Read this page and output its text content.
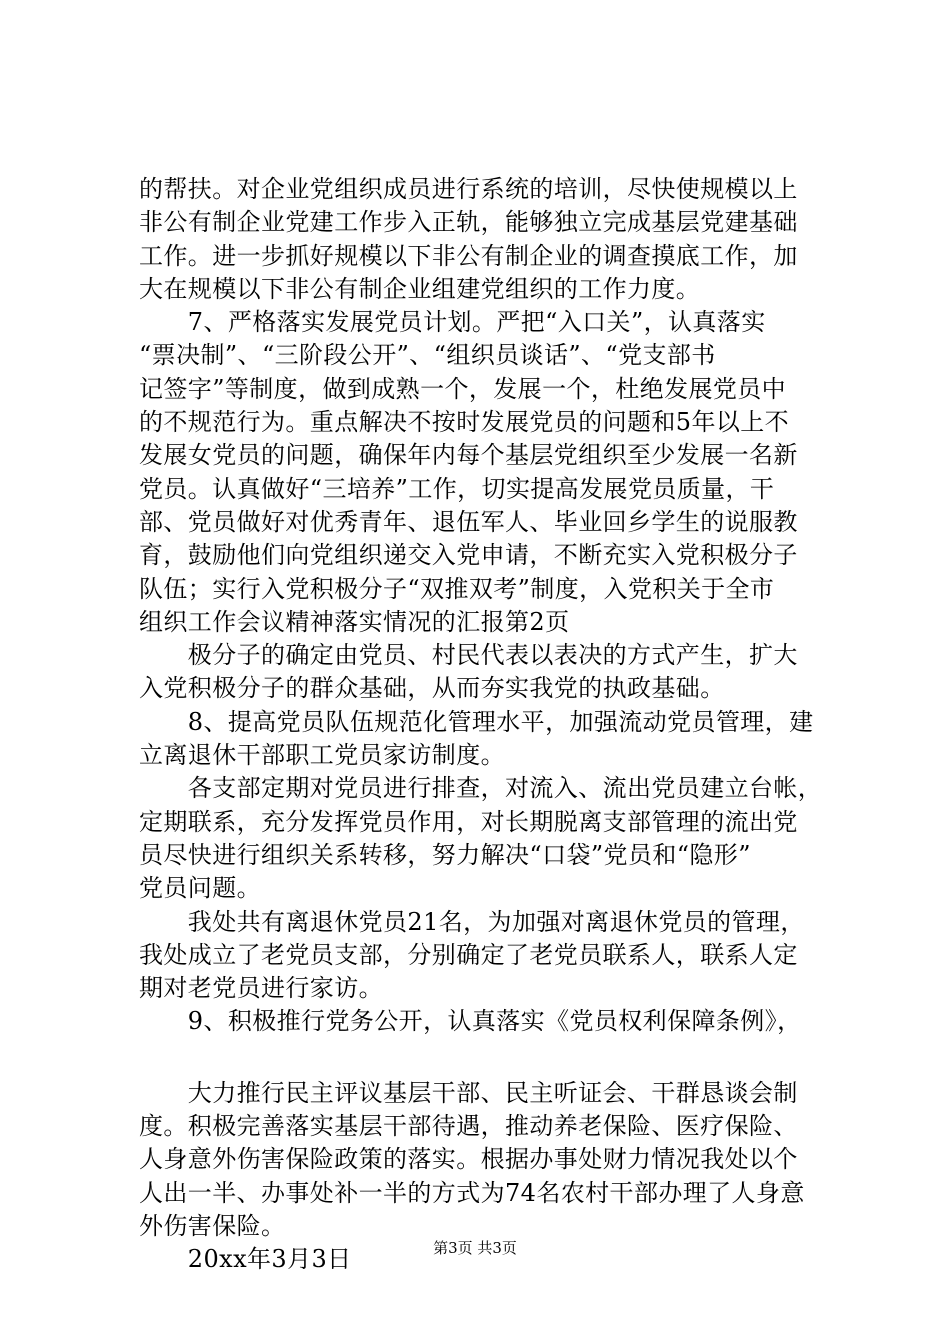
的帮扶。对企业党组织成员进行系统的培训，尽快使规模以上
非公有制企业党建工作步入正轨，能够独立完成基层党建基础
工作。进一步抓好规模以下非公有制企业的调查摸底工作，加
大在规模以下非公有制企业组建党组织的工作力度。
　　7、严格落实发展党员计划。严把“入口关”，认真落实
“票决制”、“三阶段公开”、“组织员谈话”、“党支部书
记签字”等制度，做到成熟一个，发展一个，杜绝发展党员中
的不规范行为。重点解决不按时发展党员的问题和5年以上不
发展女党员的问题，确保年内每个基层党组织至少发展一名新
党员。认真做好“三培养”工作，切实提高发展党员质量，干
部、党员做好对优秀青年、退伍军人、毕业回乡学生的说服教
育，鼓励他们向党组织递交入党申请，不断充实入党积极分子
队伍；实行入党积极分子“双推双考”制度，入党积关于全市
组织工作会议精神落实情况的汇报第2页
　　极分子的确定由党员、村民代表以表决的方式产生，扩大
入党积极分子的群众基础，从而夯实我党的执政基础。
　　8、提高党员队伍规范化管理水平，加强流动党员管理，建
立离退休干部职工党员家访制度。
　　各支部定期对党员进行排查，对流入、流出党员建立台帐，
定期联系，充分发挥党员作用，对长期脱离支部管理的流出党
员尽快进行组织关系转移，努力解决“口袋”党员和“隐形”
党员问题。
　　我处共有离退休党员21名，为加强对离退休党员的管理，
我处成立了老党员支部，分别确定了老党员联系人，联系人定
期对老党员进行家访。
　　9、积极推行党务公开，认真落实《党员权利保障条例》，
　　大力推行民主评议基层干部、民主听证会、干群恳谈会制
度。积极完善落实基层干部待遇，推动养老保险、医疗保险、
人身意外伤害保险政策的落实。根据办事处财力情况我处以个
人出一半、办事处补一半的方式为74名农村干部办理了人身意
外伤害保险。
　　20xx年3月3日	第3页 共3页
